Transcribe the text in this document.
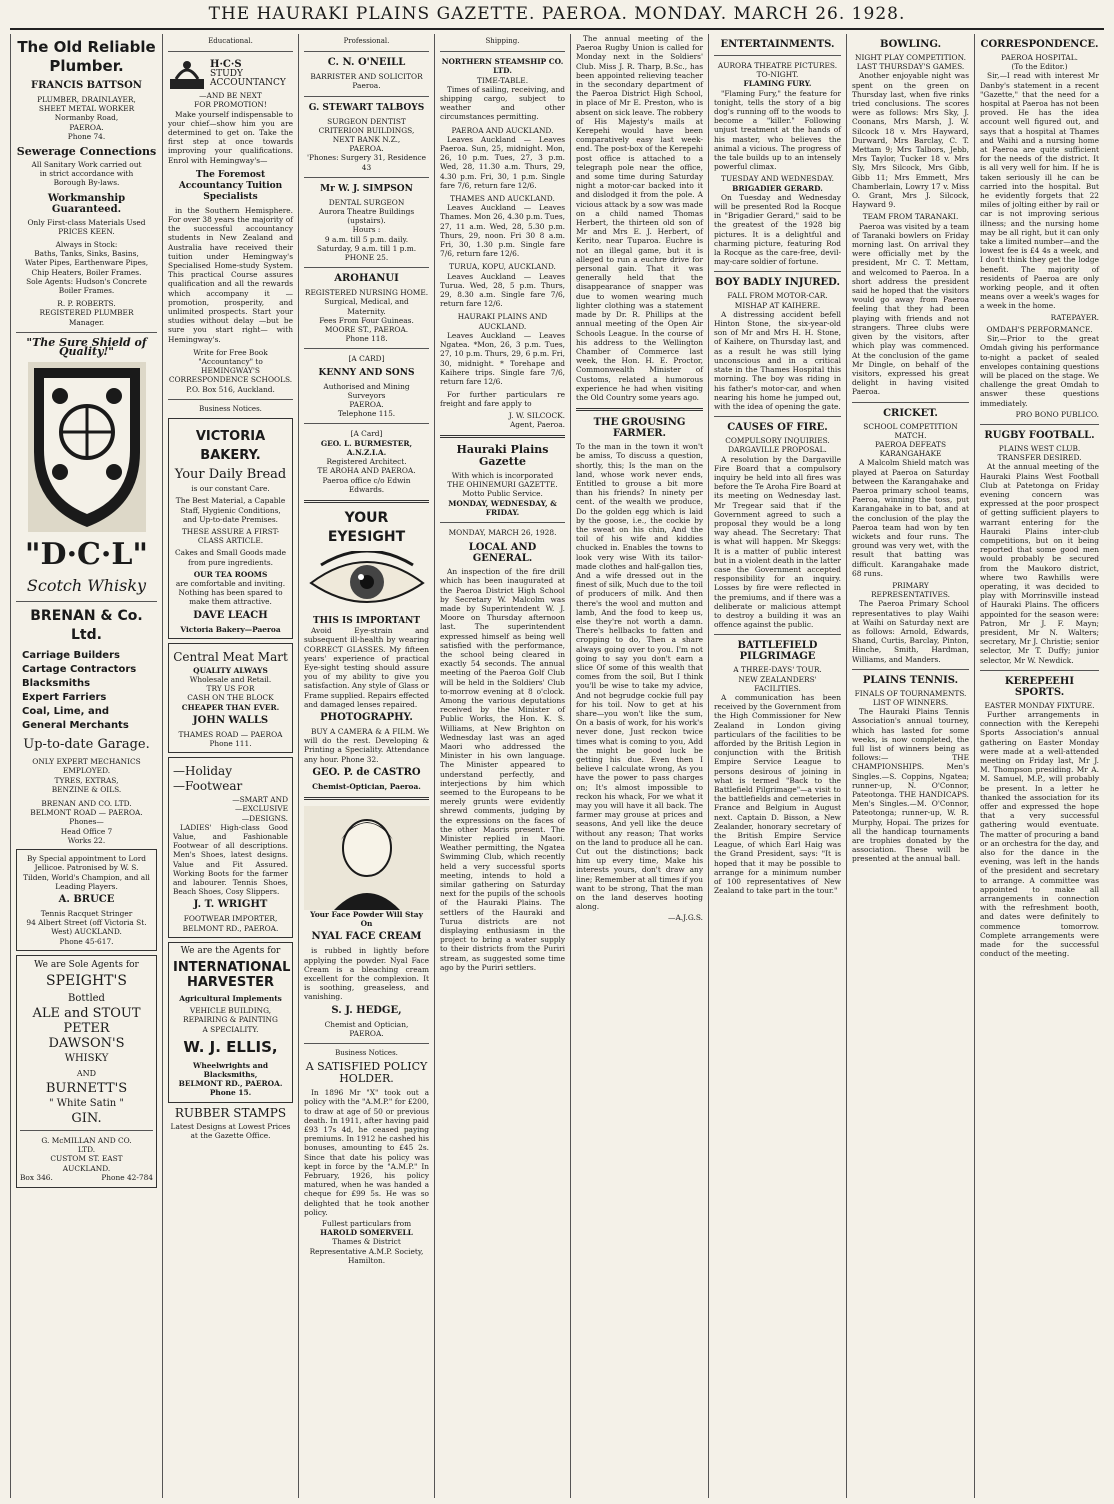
THE HAURAKI PLAINS GAZETTE. PAEROA. MONDAY. MARCH 26. 1928.
The Old Reliable Plumber.
FRANCIS BATTSON
PLUMBER, DRAINLAYER,
SHEET METAL WORKER
Normanby Road,
PAEROA.
Phone 74.
Sewerage Connections
All Sanitary Work carried out
in strict accordance with
Borough By-laws.
Workmanship Guaranteed.
Only First-class Materials Used PRICES KEEN.
Always in Stock:
Baths, Tanks, Sinks, Basins,
Water Pipes, Earthenware Pipes,
Chip Heaters, Boiler Frames.
Sole Agents: Hudson's Concrete Boiler Frames.
R. P. ROBERTS.
REGISTERED PLUMBER
Manager.
"The Sure Shield of Quality!"
"D·C·L"
Scotch Whisky
BRENAN & Co. Ltd.
Carriage Builders
Cartage Contractors
Blacksmiths
Expert Farriers
Coal, Lime, and
General Merchants
Up-to-date Garage.
ONLY EXPERT MECHANICS
EMPLOYED.
TYRES, EXTRAS,
BENZINE & OILS.
BRENAN AND CO. LTD.
BELMONT ROAD — PAEROA.
Phones—
Head Office 7
Works 22.
By Special appointment to Lord Jellicoe. Patronised by W. S. Tilden, World's Champion, and all Leading Players.
A. BRUCE
Tennis Racquet Stringer
94 Albert Street (off Victoria St.
West) AUCKLAND.
Phone 45-617.
We are Sole Agents for
SPEIGHT'S
Bottled
ALE and STOUT
PETER
DAWSON'S
WHISKY
AND
BURNETT'S
" White Satin "
GIN.
G. McMILLAN AND CO.
LTD.
CUSTOM ST. EAST
AUCKLAND.
Box 346.	Phone 42-784
Educational.
H·C·S
STUDY
ACCOUNTANCY
—AND BE NEXT
FOR PROMOTION!

Make yourself indispensable to your chief—show him you are determined to get on. Take the first step at once towards improving your qualifications. Enrol with Hemingway's—

The Foremost Accountancy Tuition Specialists

in the Southern Hemisphere. For over 38 years the majority of the successful accountancy students in New Zealand and Australia have received their tuition under Hemingway's Specialised Home-study System. This practical Course assures qualification and all the rewards which accompany it — promotion, prosperity, and unlimited prospects. Start your studies without delay —but be sure you start right— with Hemingway's.

Write for Free Book "Accountancy" to
HEMINGWAY'S
CORRESPONDENCE SCHOOLS.
P.O. Box 516, Auckland.
Business Notices.
VICTORIA BAKERY.
Your Daily Bread
is our constant Care.
The Best Material, a Capable Staff, Hygienic Conditions, and Up-to-date Premises.
THESE ASSURE A FIRST-CLASS ARTICLE.
Cakes and Small Goods made from pure ingredients.
OUR TEA ROOMS
are comfortable and inviting. Nothing has been spared to make them attractive.
DAVE LEACH
Victoria Bakery—Paeroa
Central Meat Mart
QUALITY ALWAYS
Wholesale and Retail.
TRY US FOR
CASH ON THE BLOCK
CHEAPER THAN EVER.
JOHN WALLS
THAMES ROAD — PAEROA
Phone 111.
—Holiday
—Footwear
—SMART AND
—EXCLUSIVE
—DESIGNS.

LADIES' High-class Good Value, and Fashionable Footwear of all descriptions. Men's Shoes, latest designs. Value and Fit Assured. Working Boots for the farmer and labourer. Tennis Shoes, Beach Shoes, Cosy Slippers.

J. T. WRIGHT
FOOTWEAR IMPORTER,
BELMONT RD., PAEROA.
We are the Agents for
INTERNATIONAL HARVESTER
Agricultural Implements
VEHICLE BUILDING,
REPAIRING & PAINTING
A SPECIALITY.
W. J. ELLIS,
Wheelwrights and Blacksmiths,
BELMONT RD., PAEROA.
Phone 15.
RUBBER STAMPS
Latest Designs at Lowest Prices at the Gazette Office.
Professional.
C. N. O'NEILL
BARRISTER AND SOLICITOR
Paeroa.
G. STEWART TALBOYS
SURGEON DENTIST
CRITERION BUILDINGS,
NEXT BANK N.Z.,
PAEROA.
'Phones: Surgery 31, Residence 43
Mr W. J. SIMPSON
DENTAL SURGEON
Aurora Theatre Buildings
(upstairs).
Hours :
9 a.m. till 5 p.m. daily.
Saturday, 9 a.m. till 1 p.m.
PHONE 25.
AROHANUI
REGISTERED NURSING HOME.
Surgical, Medical, and Maternity.
Fees From Four Guineas.
MOORE ST., PAEROA.
Phone 118.
[A CARD]
KENNY AND SONS
Authorised and Mining Surveyors
PAEROA.
Telephone 115.
[A Card]
GEO. L. BURMESTER, A.N.Z.I.A.
Registered Architect.
TE AROHA AND PAEROA.
Paeroa office c/o Edwin Edwards.
YOUR EYESIGHT
THIS IS IMPORTANT

Avoid Eye-strain and subsequent ill-health by wearing CORRECT GLASSES. My fifteen years' experience of practical Eye-sight testing should assure you of my ability to give you satisfaction. Any style of Glass or Frame supplied. Repairs effected and damaged lenses repaired.

PHOTOGRAPHY.

BUY A CAMERA & A FILM. We will do the rest. Developing & Printing a Speciality. Attendance any hour. Phone 32.

GEO. P. de CASTRO
Chemist-Optician, Paeroa.
Your Face Powder Will Stay On
NYAL FACE CREAM

is rubbed in lightly before applying the powder. Nyal Face Cream is a bleaching cream excellent for the complexion. It is soothing, greaseless, and vanishing.

S. J. HEDGE,
Chemist and Optician,
PAEROA.
Business Notices.
A SATISFIED POLICY HOLDER.

In 1896 Mr "X" took out a policy with the "A.M.P." for £200, to draw at age of 50 or previous death. In 1911, after having paid £93 17s 4d, he ceased paying premiums. In 1912 he cashed his bonuses, amounting to £45 2s. Since that date his policy was kept in force by the "A.M.P." In February, 1926, his policy matured, when he was handed a cheque for £99 5s. He was so delighted that he took another policy.

Fullest particulars from
HAROLD SOMERVELL
Thames & District Representative A.M.P. Society, Hamilton.
Shipping.
NORTHERN STEAMSHIP CO. LTD.
TIME-TABLE.

Times of sailing, receiving, and shipping cargo, subject to weather and other circumstances permitting.

PAEROA AND AUCKLAND.

Leaves Auckland — Leaves Paeroa. Sun, 25, midnight. Mon, 26, 10 p.m. Tues, 27, 3 p.m. Wed, 28, 11.30 a.m. Thurs, 29, 4.30 p.m. Fri, 30, 1 p.m. Single fare 7/6, return fare 12/6.

THAMES AND AUCKLAND.

Leaves Auckland — Leaves Thames. Mon 26, 4.30 p.m. Tues, 27, 11 a.m. Wed, 28, 5.30 p.m. Thurs, 29, noon. Fri 30 8 a.m. Fri, 30, 1.30 p.m. Single fare 7/6, return fare 12/6.

TURUA, KOPU, AUCKLAND.

Leaves Auckland — Leaves Turua. Wed, 28, 5 p.m. Thurs, 29, 8.30 a.m. Single fare 7/6, return fare 12/6.

HAURAKI PLAINS AND AUCKLAND.

Leaves Auckland — Leaves Ngatea. *Mon, 26, 3 p.m. Tues, 27, 10 p.m. Thurs, 29, 6 p.m. Fri, 30, midnight. * Torehape and Kaihere trips. Single fare 7/6, return fare 12/6.

For further particulars re freight and fare apply to

J. W. SILCOCK.
Agent, Paeroa.
Hauraki Plains Gazette
With which is incorporated
THE OHINEMURI GAZETTE.
Motto Public Service.
MONDAY, WEDNESDAY, & FRIDAY.
MONDAY, MARCH 26, 1928.
LOCAL AND GENERAL.

An inspection of the fire drill which has been inaugurated at the Paeroa District High School by Secretary W. Malcolm was made by Superintendent W. J. Moore on Thursday afternoon last. The superintendent expressed himself as being well satisfied with the performance, the school being cleared in exactly 54 seconds. The annual meeting of the Paeroa Golf Club will be held in the Soldiers' Club to-morrow evening at 8 o'clock. Among the various deputations received by the Minister of Public Works, the Hon. K. S. Williams, at New Brighton on Wednesday last was an aged Maori who addressed the Minister in his own language. The Minister appeared to understand perfectly, and interjections by him which seemed to the Europeans to be merely grunts were evidently shrewd comments, judging by the expressions on the faces of the other Maoris present. The Minister replied in Maori. Weather permitting, the Ngatea Swimming Club, which recently held a very successful sports meeting, intends to hold a similar gathering on Saturday next for the pupils of the schools of the Hauraki Plains. The settlers of the Hauraki and Turua districts are not displaying enthusiasm in the project to bring a water supply to their districts from the Puriri stream, as suggested some time ago by the Puriri settlers.

The annual meeting of the Paeroa Rugby Union is called for Monday next in the Soldiers' Club. Miss J. R. Tharp, B.Sc., has been appointed relieving teacher in the secondary department of the Paeroa District High School, in place of Mr E. Preston, who is absent on sick leave. The robbery of His Majesty's mails at Kerepehi would have been comparatively easy last week-end. The post-box of the Kerepehi post office is attached to a telegraph pole near the office, and some time during Saturday night a motor-car backed into it and dislodged it from the pole. A vicious attack by a sow was made on a child named Thomas Herbert, the thirteen old son of Mr and Mrs E. J. Herbert, of Kerito, near Tuparoa. Euchre is not an illegal game, but it is alleged to run a euchre drive for personal gain. That it was generally held that the disappearance of snapper was due to women wearing much lighter clothing was a statement made by Dr. R. Phillips at the annual meeting of the Open Air Schools League. In the course of his address to the Wellington Chamber of Commerce last week, the Hon. H. E. Proctor, Commonwealth Minister of Customs, related a humorous experience he had when visiting the Old Country some years ago.

THE GROUSING FARMER.

To the man in the town it won't be amiss, To discuss a question, shortly, this; Is the man on the land, whose work never ends, Entitled to grouse a bit more than his friends? In ninety per cent. of the wealth we produce, Do the golden egg which is laid by the goose, i.e., the cockie by the sweat on his chin, And the toil of his wife and kiddies chucked in. Enables the towns to look very wise With its tailor-made clothes and half-gallon ties, And a wife dressed out in the finest of silk, Much due to the toil of producers of milk. And then there's the wool and mutton and lamb, And the food to keep us, else they're not worth a damn. There's hellbacks to fatten and cropping to do, Then a share always going over to you. I'm not going to say you don't earn a slice Of some of this wealth that comes from the soil, But I think you'll be wise to take my advice, And not begrudge cockie full pay for his toil. Now to get at his share—you won't like the sum, On a basis of work, for his work's never done, Just reckon twice times what is coming to you, Add the might be good luck be getting his due. Even then I believe I calculate wrong, As you have the power to pass charges on; It's almost impossible to reckon his whack, For we what it may you will have it all back. The farmer may grouse at prices and seasons, And yell like the deuce without any reason; That works on the land to produce all he can. Cut out the distinctions; back him up every time, Make his interests yours, don't draw any line; Remember at all times if you want to be strong, That the man on the land deserves hooting along.

—A.J.G.S.
ENTERTAINMENTS.
AURORA THEATRE PICTURES.
TO-NIGHT.
FLAMING FURY.

"Flaming Fury," the feature for tonight, tells the story of a big dog's running off to the woods to become a "killer." Following unjust treatment at the hands of his master, who believes the animal a vicious. The progress of the tale builds up to an intensely powerful climax.

TUESDAY AND WEDNESDAY.
BRIGADIER GERARD.

On Tuesday and Wednesday will be presented Rod la Rocque in "Brigadier Gerard," said to be the greatest of the 1928 big pictures. It is a delightful and charming picture, featuring Rod la Rocque as the care-free, devil-may-care soldier of fortune.

BOY BADLY INJURED.
FALL FROM MOTOR-CAR.
MISHAP AT KAIHERE.

A distressing accident befell Hinton Stone, the six-year-old son of Mr and Mrs H. H. Stone, of Kaihere, on Thursday last, and as a result he was still lying unconscious and in a critical state in the Thames Hospital this morning. The boy was riding in his father's motor-car, and when nearing his home he jumped out, with the idea of opening the gate.

CAUSES OF FIRE.
COMPULSORY INQUIRIES.
DARGAVILLE PROPOSAL.

A resolution by the Dargaville Fire Board that a compulsory inquiry be held into all fires was before the Te Aroha Fire Board at its meeting on Wednesday last. Mr Tregear said that if the Government agreed to such a proposal they would be a long way ahead. The Secretary: That is what will happen. Mr Skeggs: It is a matter of public interest but in a violent death in the latter case the Government accepted responsibility for an inquiry. Losses by fire were reflected in the premiums, and if there was a deliberate or malicious attempt to destroy a building it was an offence against the public.

BATTLEFIELD PILGRIMAGE
A THREE-DAYS' TOUR.
NEW ZEALANDERS' FACILITIES.

A communication has been received by the Government from the High Commissioner for New Zealand in London giving particulars of the facilities to be afforded by the British Legion in conjunction with the British Empire Service League to persons desirous of joining in what is termed "Back to the Battlefield Pilgrimage"—a visit to the battlefields and cemeteries in France and Belgium in August next. Captain D. Bisson, a New Zealander, honorary secretary of the British Empire Service League, of which Earl Haig was the Grand President, says: "It is hoped that it may be possible to arrange for a minimum number of 100 representatives of New Zealand to take part in the tour."

BOWLING.
NIGHT PLAY COMPETITION.
LAST THURSDAY'S GAMES.

Another enjoyable night was spent on the green on Thursday last, when five rinks tried conclusions. The scores were as follows: Mrs Sky, J. Coonans, Mrs Marsh, J. W. Silcock 18 v. Mrs Hayward, Durward, Mrs Barclay, C. T. Mettam 9; Mrs Talbors, Jebb, Mrs Taylor, Tucker 18 v. Mrs Sly, Mrs Silcock, Mrs Gibb, Gibb 11; Mrs Emmett, Mrs Chamberlain, Lowry 17 v. Miss O. Grant, Mrs J. Silcock, Hayward 9.

TEAM FROM TARANAKI.

Paeroa was visited by a team of Taranaki bowlers on Friday morning last. On arrival they were officially met by the president, Mr C. T. Mettam, and welcomed to Paeroa. In a short address the president said he hoped that the visitors would go away from Paeroa feeling that they had been playing with friends and not strangers. Three clubs were given by the visitors, after which play was commenced. At the conclusion of the game Mr Dingle, on behalf of the visitors, expressed his great delight in having visited Paeroa.

CRICKET.
SCHOOL COMPETITION MATCH.
PAEROA DEFEATS KARANGAHAKE

A Malcolm Shield match was played at Paeroa on Saturday between the Karangahake and Paeroa primary school teams, Paeroa, winning the toss, put Karangahake in to bat, and at the conclusion of the play the Paeroa team had won by ten wickets and four runs. The ground was very wet, with the result that batting was difficult. Karangahake made 68 runs.

PRIMARY REPRESENTATIVES.

The Paeroa Primary School representatives to play Waihi at Waihi on Saturday next are as follows: Arnold, Edwards, Shand, Curtis, Barclay, Pinton, Hinche, Smith, Hardman, Williams, and Manders.

PLAINS TENNIS.
FINALS OF TOURNAMENTS.
LIST OF WINNERS.

The Hauraki Plains Tennis Association's annual tourney, which has lasted for some weeks, is now completed, the full list of winners being as follows:— THE CHAMPIONSHIPS. Men's Singles.—S. Coppins, Ngatea; runner-up, N. O'Connor, Pateotonga. THE HANDICAPS. Men's Singles.—M. O'Connor, Pateotonga; runner-up, W. R. Murphy, Hopai. The prizes for all the handicap tournaments are trophies donated by the association. These will be presented at the annual ball.

CORRESPONDENCE.
PAEROA HOSPITAL.
(To the Editor.)

Sir,—I read with interest Mr Danby's statement in a recent "Gazette," that the need for a hospital at Paeroa has not been proved. He has the idea account well figured out, and says that a hospital at Thames and Waihi and a nursing home at Paeroa are quite sufficient for the needs of the district. It is all very well for him. If he is taken seriously ill he can be carried into the hospital. But he evidently forgets that 22 miles of jolting either by rail or car is not improving serious illness; and the nursing home may be all right, but it can only take a limited number—and the lowest fee is £4 4s a week, and I don't think they get the lodge benefit. The majority of residents of Paeroa are only working people, and it often means over a week's wages for a week in the home.

RATEPAYER.
OMDAH'S PERFORMANCE.

Sir,—Prior to the great Omdah giving his performance to-night a packet of sealed envelopes containing questions will be placed on the stage. We challenge the great Omdah to answer these questions immediately.

PRO BONO PUBLICO.
RUGBY FOOTBALL.
PLAINS WEST CLUB.
TRANSFER DESIRED.

At the annual meeting of the Hauraki Plains West Football Club at Patetonga on Friday evening concern was expressed at the poor prospect of getting sufficient players to warrant entering for the Hauraki Plains inter-club competitions, but on it being reported that some good men would probably be secured from the Maukoro district, where two Rawhills were operating, it was decided to play with Morrinsville instead of Hauraki Plains. The officers appointed for the season were: Patron, Mr J. F. Mayn; president, Mr N. Walters; secretary, Mr J. Christie; senior selector, Mr T. Duffy; junior selector, Mr W. Newdick.

KEREPEEHI SPORTS.
EASTER MONDAY FIXTURE.

Further arrangements in connection with the Kerepehi Sports Association's annual gathering on Easter Monday were made at a well-attended meeting on Friday last, Mr J. M. Thompson presiding. Mr A. M. Samuel, M.P., will probably be present. In a letter he thanked the association for its offer and expressed the hope that a very successful gathering would eventuate. The matter of procuring a band or an orchestra for the day, and also for the dance in the evening, was left in the hands of the president and secretary to arrange. A committee was appointed to make all arrangements in connection with the refreshment booth, and dates were definitely to commence tomorrow. Complete arrangements were made for the successful conduct of the meeting.
